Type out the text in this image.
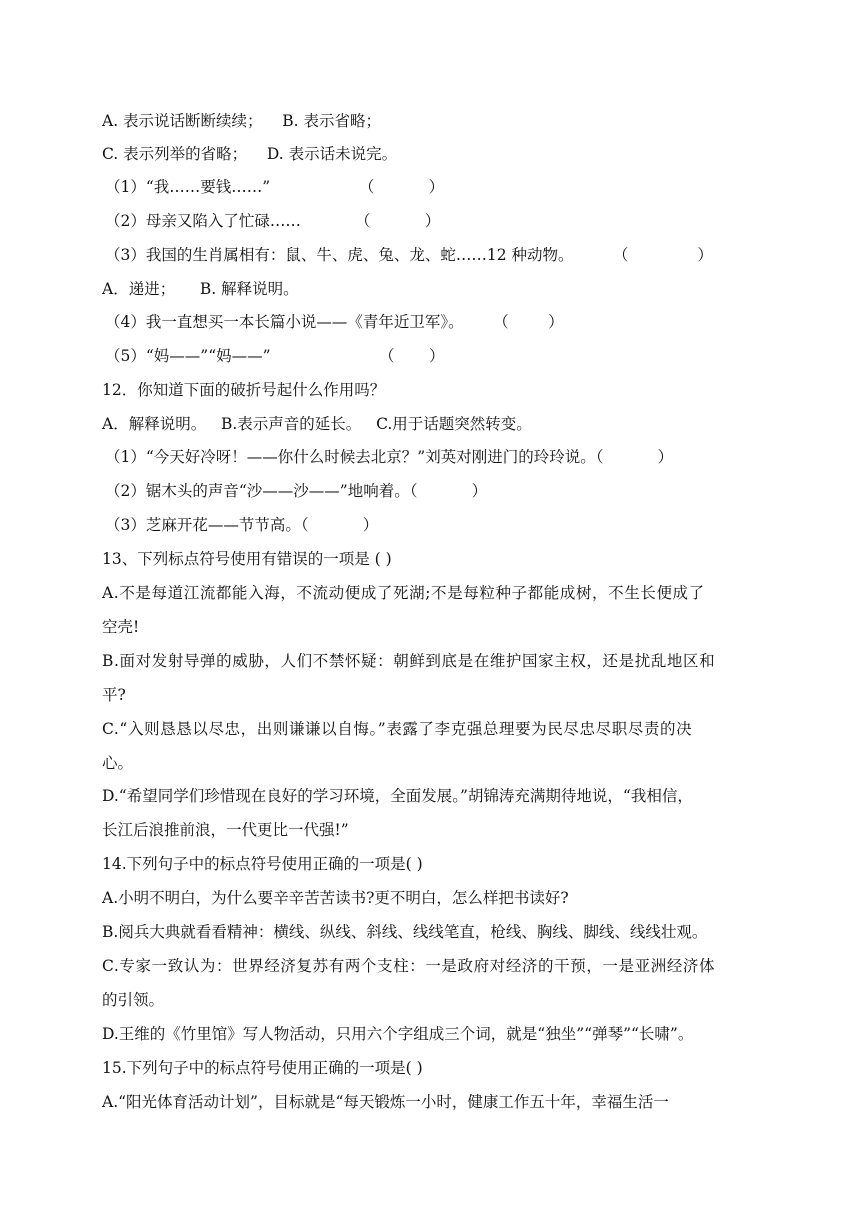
A. 表示说话断断续续；    B. 表示省略；
C. 表示列举的省略；    D. 表示话未说完。
（1）“我……要钱……”                  （           ）
（2）母亲又陷入了忙碌……           （           ）
（3）我国的生肖属相有：鼠、牛、虎、兔、龙、蛇……12 种动物。        （              ）
A．递进；     B. 解释说明。
（4）我一直想买一本长篇小说——《青年近卫军》。      （        ）
（5）“妈——”“妈——”                      （       ）
12．你知道下面的破折号起什么作用吗？
A．解释说明。   B.表示声音的延长。   C.用于话题突然转变。
（1）“今天好冷呀！——你什么时候去北京？”刘英对刚进门的玲玲说。（           ）
（2）锯木头的声音“沙——沙——”地响着。（           ）
（3）芝麻开花——节节高。（           ）
13、下列标点符号使用有错误的一项是 ( )
A.不是每道江流都能入海，不流动便成了死湖;不是每粒种子都能成树，不生长便成了
空壳!
B.面对发射导弹的威胁，人们不禁怀疑：朝鲜到底是在维护国家主权，还是扰乱地区和
平?
C.“入则恳恳以尽忠，出则谦谦以自悔。”表露了李克强总理要为民尽忠尽职尽责的决
心。
D.“希望同学们珍惜现在良好的学习环境，全面发展。”胡锦涛充满期待地说，“我相信，
长江后浪推前浪，一代更比一代强!”
14.下列句子中的标点符号使用正确的一项是( )
A.小明不明白，为什么要辛辛苦苦读书?更不明白，怎么样把书读好?
B.阅兵大典就看看精神：横线、纵线、斜线、线线笔直，枪线、胸线、脚线、线线壮观。
C.专家一致认为：世界经济复苏有两个支柱：一是政府对经济的干预，一是亚洲经济体
的引领。
D.王维的《竹里馆》写人物活动，只用六个字组成三个词，就是“独坐”“弹琴”“长啸”。
15.下列句子中的标点符号使用正确的一项是( )
A.“阳光体育活动计划”，目标就是“每天锻炼一小时，健康工作五十年，幸福生活一
